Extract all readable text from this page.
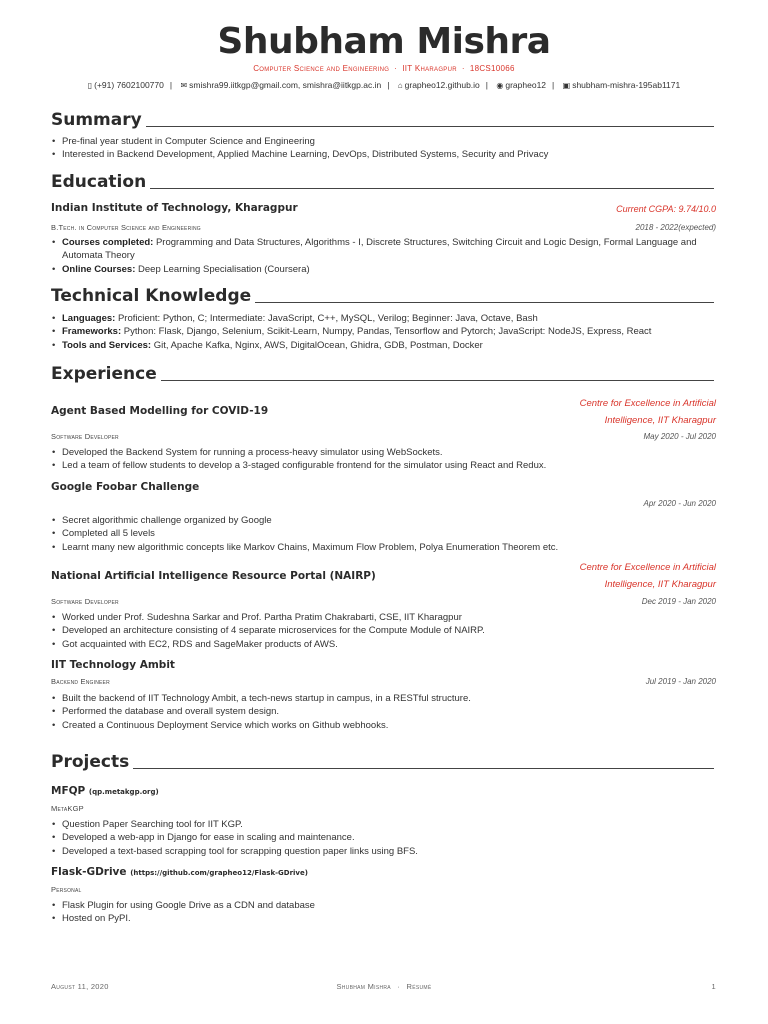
Shubham Mishra
Computer Science and Engineering · IIT Kharagpur · 18CS10066
▯ (+91) 7602100770 | ✉ smishra99.iitkgp@gmail.com, smishra@iitkgp.ac.in | ⌂ grapheo12.github.io | ◉ grapheo12 | ▣ shubham-mishra-195ab1171
Summary
• Pre-final year student in Computer Science and Engineering
• Interested in Backend Development, Applied Machine Learning, DevOps, Distributed Systems, Security and Privacy
Education
Indian Institute of Technology, Kharagpur	Current CGPA: 9.74/10.0
B.Tech. in Computer Science and Engineering	2018 - 2022(expected)
• Courses completed: Programming and Data Structures, Algorithms - I, Discrete Structures, Switching Circuit and Logic Design, Formal Language and Automata Theory
• Online Courses: Deep Learning Specialisation (Coursera)
Technical Knowledge
• Languages: Proficient: Python, C; Intermediate: JavaScript, C++, MySQL, Verilog; Beginner: Java, Octave, Bash
• Frameworks: Python: Flask, Django, Selenium, Scikit-Learn, Numpy, Pandas, Tensorflow and Pytorch; JavaScript: NodeJS, Express, React
• Tools and Services: Git, Apache Kafka, Nginx, AWS, DigitalOcean, Ghidra, GDB, Postman, Docker
Experience
Agent Based Modelling for COVID-19
Centre for Excellence in Artificial
Intelligence, IIT Kharagpur
Software Developer	May 2020 - Jul 2020
• Developed the Backend System for running a process-heavy simulator using WebSockets.
• Led a team of fellow students to develop a 3-staged configurable frontend for the simulator using React and Redux.
Google Foobar Challenge
Apr 2020 - Jun 2020
• Secret algorithmic challenge organized by Google
• Completed all 5 levels
• Learnt many new algorithmic concepts like Markov Chains, Maximum Flow Problem, Polya Enumeration Theorem etc.
National Artificial Intelligence Resource Portal (NAIRP)
Centre for Excellence in Artificial
Intelligence, IIT Kharagpur
Software Developer	Dec 2019 - Jan 2020
• Worked under Prof. Sudeshna Sarkar and Prof. Partha Pratim Chakrabarti, CSE, IIT Kharagpur
• Developed an architecture consisting of 4 separate microservices for the Compute Module of NAIRP.
• Got acquainted with EC2, RDS and SageMaker products of AWS.
IIT Technology Ambit
Backend Engineer	Jul 2019 - Jan 2020
• Built the backend of IIT Technology Ambit, a tech-news startup in campus, in a RESTful structure.
• Performed the database and overall system design.
• Created a Continuous Deployment Service which works on Github webhooks.
Projects
MFQP (qp.metakgp.org)
MetaKGP
• Question Paper Searching tool for IIT KGP.
• Developed a web-app in Django for ease in scaling and maintenance.
• Developed a text-based scrapping tool for scrapping question paper links using BFS.
Flask-GDrive (https://github.com/grapheo12/Flask-GDrive)
Personal
• Flask Plugin for using Google Drive as a CDN and database
• Hosted on PyPI.
August 11, 2020	Shubham Mishra · Résumé	1
